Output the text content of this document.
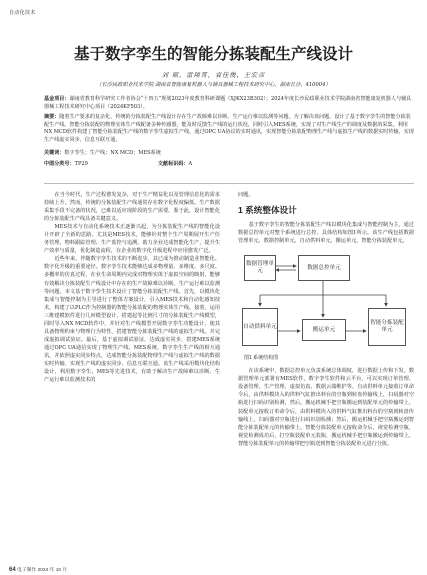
自动化技术
基于数字孪生的智能分拣装配生产线设计
刘 硕，雷翔霄，袁佳俊，王宏彦
（长沙民政职业技术学院 湖南省智能康复机器人与辅具器械工程技术研究中心，湖南长沙，410004）

基金项目：湖南省教育科学研究工作者协会“十四五”规划2023年度教育科研课题（XJKX23B302）；2024年度长沙民政职业技术学院湖南省智能康复机器人与辅具器械工程技术研究中心项目（2024KF503）。

摘要：随着生产要求的复杂化，传统的分拣装配生产线设计存在生产故障难以诊断、生产运行难以监测等问题。为了解决该问题，设计了基于数字孪生的智能分拣装配生产线。智能分拣装配的物理实体生产线配备多种传感器，能及时反馈生产线的运行状况，同时引入MES系统，实现了对生产线生产的调度及数据的采集。利用NX MCD软件构建了智能分拣装配生产线的数字孪生虚拟生产线，通过OPC UA协议的实时通讯，实现智能分拣装配物理生产线与虚拟生产线的数据实时传输，实现生产线虚实同步、信息互联互通。

关键词：数字孪生；生产线；NX MCD；MES系统

中图分类号：TP29	文献标识码：A

在当今时代，生产过程愈发复杂，对于生产精益化以及管理信息化的需求持续上升。然而，传统的分拣装配生产线通常存在数字化程度偏低、生产数据采集手段不完备的状况，已难以适应现阶段的生产需要。鉴于此，设计智能化的分拣装配生产线具备关键意义。

MES技术与自动化系统技术正逐渐兴起，为分拣装配生产线的智能化设计开辟了全新的思路。尤其是MES技术，能够针对整个生产周期展开生产任务管理、物料跟踪管理、生产监控与追溯，助力企业达成智能化生产，提升生产效率与质量，优化制造流程，在企业的数字化升级进程中应用愈发广泛。

近些年来，伴随数字孪生技术的不断进步，其已成为推动制造业智能化、数字化升级的重要途径。数字孪生技术能够达成多物理量、多维度、多尺度、多概率的仿真过程，在业生命周期内完成对物理实体于虚拟空间的映射，能够有效解决分拣装配生产线设计中存在的生产故障难以诊断、生产运行难以监测等问题。本文基于数字孪生技术设计了智能分拣装配生产线。首先，以模块化集成与智能控制为主导进行了整体方案设计，引入MES技术和自动化感知技术，构建了以PLC作为控制器的智能分拣装配的物理实体生产线。接着，运用三维建模软件进行几何模型设计，搭建起等比例尺寸的分拣装配生产线模型，同时导入NX MCD软件中，并针对生产线模型开展数字孪生功能设计，使其具备物理约束与物理行为特性，搭建智能分拣装配生产线的虚拟生产线，并完成虚拟调试验证。最后，基于虚拟调试验证，达成虚实同步，搭建MES系统通过OPC UA通信实现了物理生产线、MES系统、数字孪生生产线的相互通讯，并依照虚实同步特点，达成智能分拣装配物理生产线与虚拟生产线的数据实时传输，实现生产线的虚实同步、信息互联互通。该生产线采用模块化结构设计，利用数字孪生、MES等先进技术，有助于解决生产故障难以诊断、生产运行难以监测技术的

问题。

1 系统整体设计

基于数字孪生的智能分拣装配生产线以模块化集成与智能控制为主，通过数据总控单元对整个系统进行总控，具体结构如图1所示。该生产线包括数据管理单元、数据控制单元、自动供料单元、搬运单元、智能分拣装配单元。

数据管理单元
数据总控单元
自动供料单元	搬运单元
智能分拣装配单元

图1 系统结构图

在该系统中，数据总控单元负责系统总体调度，进行数据上传和下发。数据管理单元部署有MES软件，数字孪生软件和云平台，可以实现订单管理、设备管理、生产管理、虚拟仿真、数据云端维护等。自动供料单元接收订单命令后，由供料模块入的供料气缸推出料台的空瓶到转盘传输线上，扫码器对空瓶进行扫码识别检测，然后，搬运机械手把空瓶搬运到装配单元的传输带上。装配单元接收订单命令后，由供料模块入的供料气缸推出料台的空瓶到转盘传输线上，扫码器对空瓶进行扫码识别检测；然后，搬运机械手把空瓶搬运到智能分拣装配单元的传输带上。智能分拣装配单元接收命令后，视觉检测空瓶，视觉检测成功后，打空瓶装配单元装瓶，搬运机械手把空瓶搬运到传输带上，智能分拣装配单元的传输带把空瓶送到智能分拣装配单元进行分拣。

64 电子制作 2024 年 10 月
